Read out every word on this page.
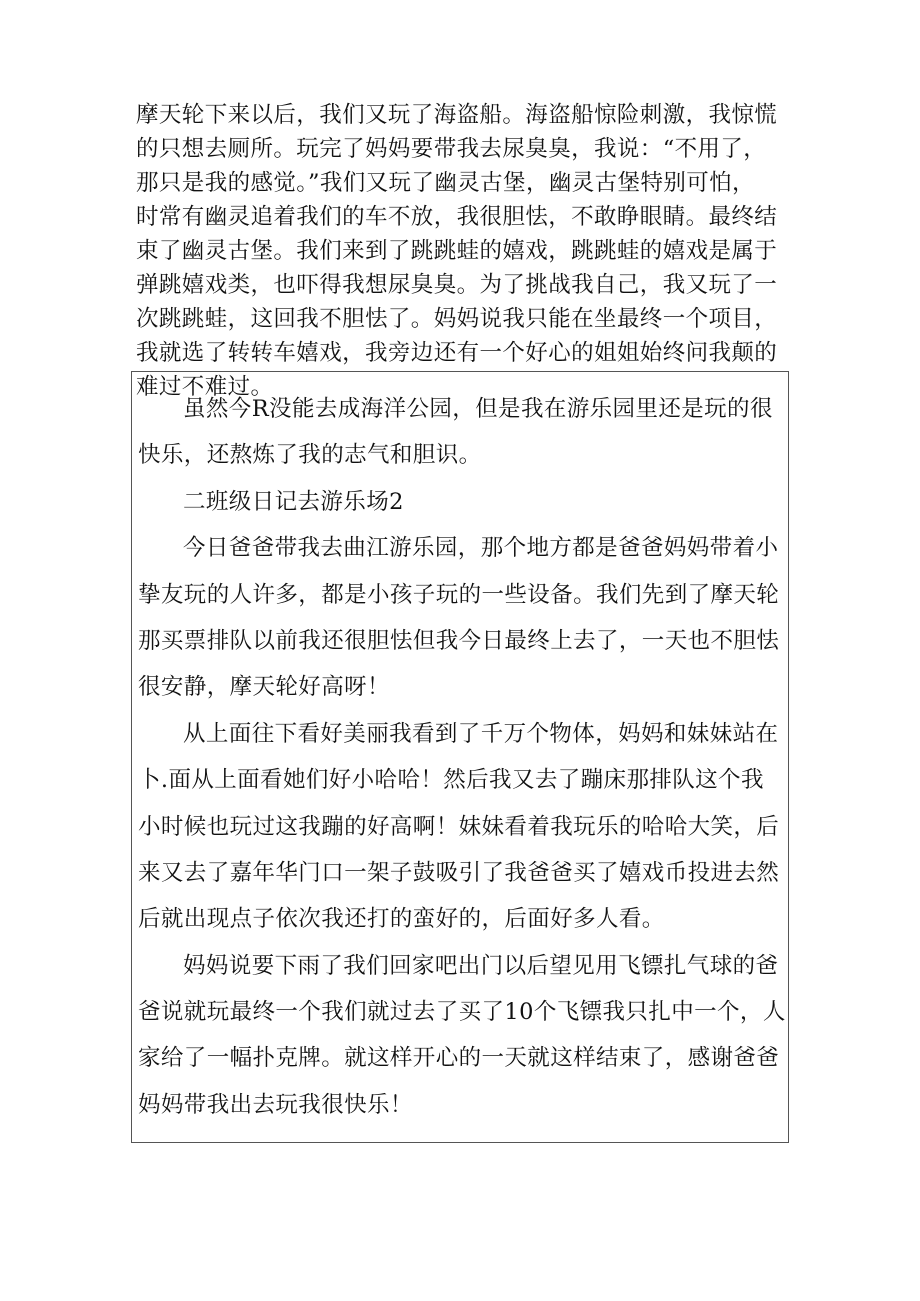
摩天轮下来以后，我们又玩了海盗船。海盗船惊险刺激，我惊慌
的只想去厕所。玩完了妈妈要带我去尿臭臭，我说：“不用了，
那只是我的感觉。”我们又玩了幽灵古堡，幽灵古堡特别可怕，
时常有幽灵追着我们的车不放，我很胆怯，不敢睁眼睛。最终结
束了幽灵古堡。我们来到了跳跳蛙的嬉戏，跳跳蛙的嬉戏是属于
弹跳嬉戏类，也吓得我想尿臭臭。为了挑战我自己，我又玩了一
次跳跳蛙，这回我不胆怯了。妈妈说我只能在坐最终一个项目，
我就选了转转车嬉戏，我旁边还有一个好心的姐姐始终问我颠的
难过不难过。
虽然今R没能去成海洋公园，但是我在游乐园里还是玩的很
快乐，还熬炼了我的志气和胆识。
二班级日记去游乐场2
今日爸爸带我去曲江游乐园，那个地方都是爸爸妈妈带着小
挚友玩的人许多，都是小孩子玩的一些设备。我们先到了摩天轮
那买票排队以前我还很胆怯但我今日最终上去了，一天也不胆怯
很安静，摩天轮好高呀！
从上面往下看好美丽我看到了千万个物体，妈妈和妹妹站在
卜.面从上面看她们好小哈哈！然后我又去了蹦床那排队这个我
小时候也玩过这我蹦的好高啊！妹妹看着我玩乐的哈哈大笑，后
来又去了嘉年华门口一架子鼓吸引了我爸爸买了嬉戏币投进去然
后就出现点子依次我还打的蛮好的，后面好多人看。
妈妈说要下雨了我们回家吧出门以后望见用飞镖扎气球的爸
爸说就玩最终一个我们就过去了买了10个飞镖我只扎中一个，人
家给了一幅扑克牌。就这样开心的一天就这样结束了，感谢爸爸
妈妈带我出去玩我很快乐！
